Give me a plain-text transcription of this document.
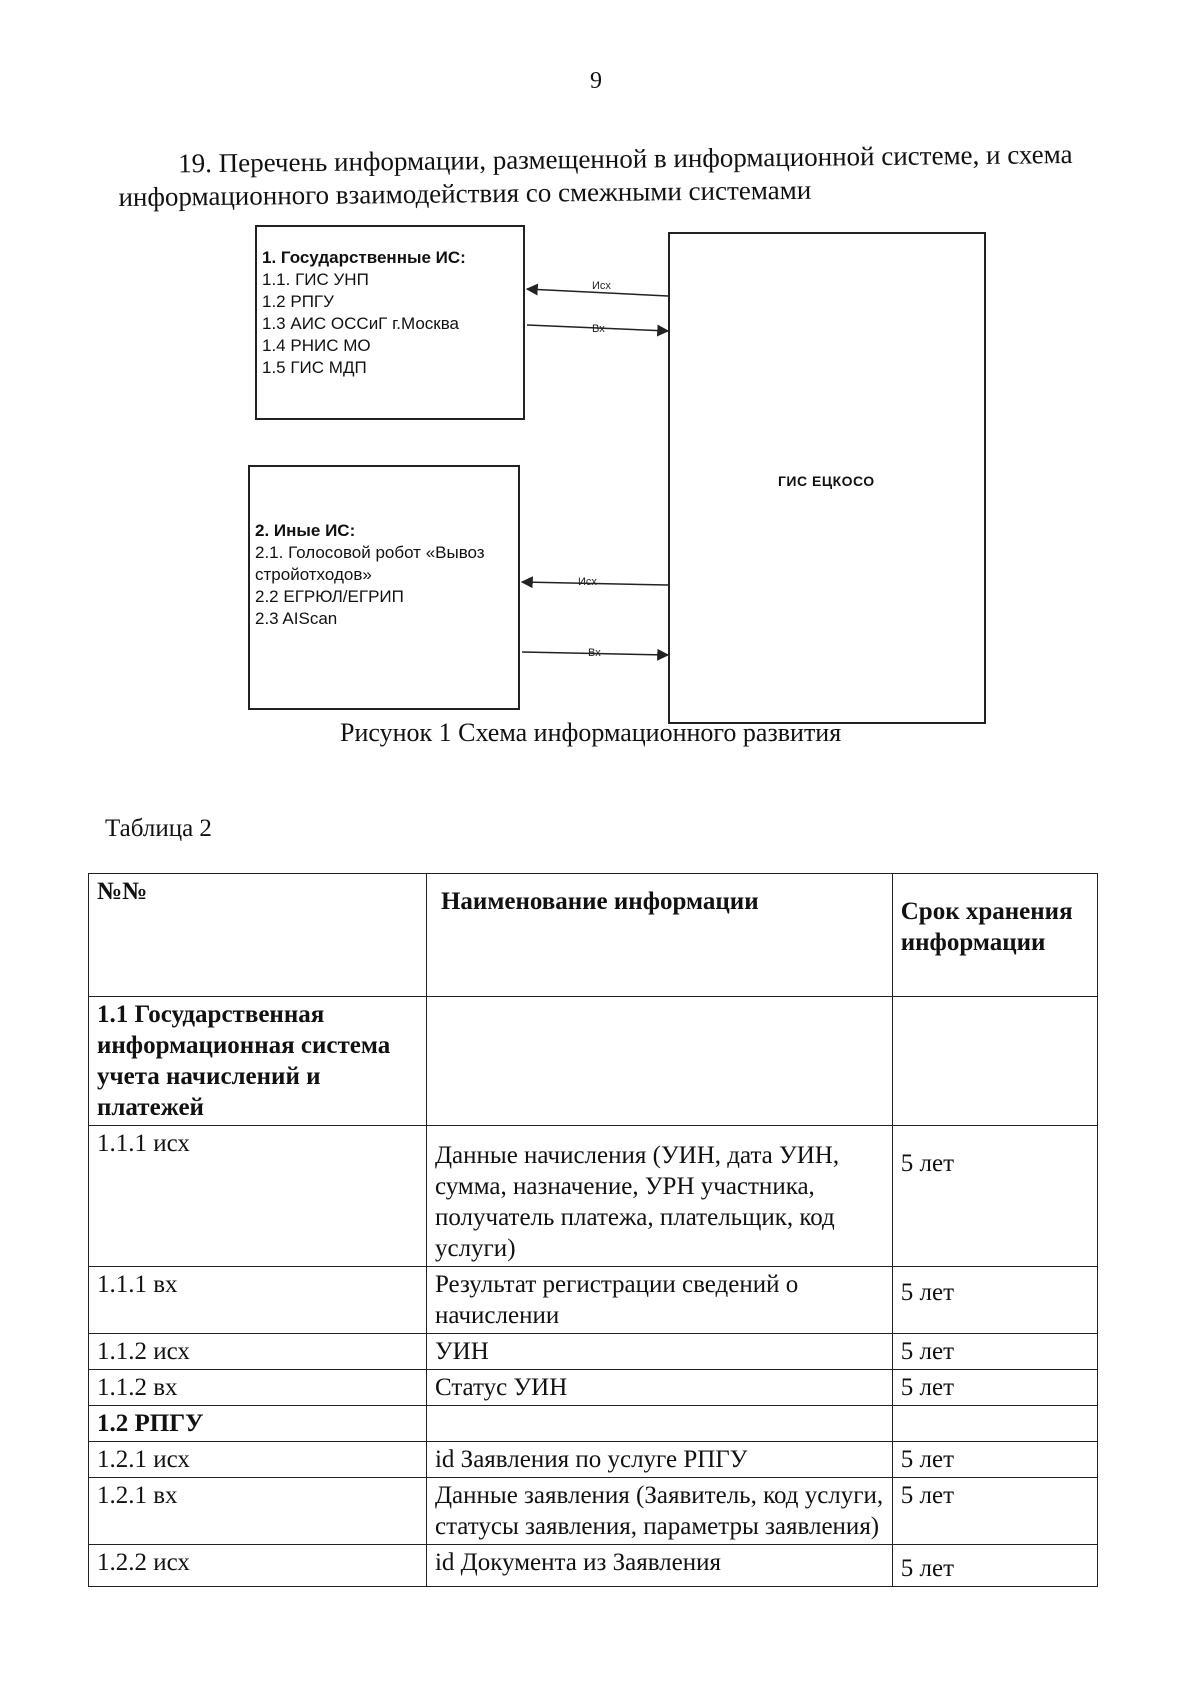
9
19. Перечень информации, размещенной в информационной системе, и схема
информационного взаимодействия со смежными системами
1. Государственные ИС:
1.1. ГИС УНП
1.2 РПГУ
1.3 АИС ОССиГ г.Москва
1.4 РНИС МО
1.5 ГИС МДП
2. Иные ИС:
2.1. Голосовой робот «Вывоз стройотходов»
2.2 ЕГРЮЛ/ЕГРИП
2.3 AIScan
ГИС ЕЦКОСО
Исх
Вх
Исх
Вх
Рисунок 1 Схема информационного развития
Таблица 2
№№	Наименование информации	Срок хранения информации
1.1 Государственная информационная система учета начислений и платежей		
1.1.1 исх	Данные начисления (УИН, дата УИН, сумма, назначение, УРН участника, получатель платежа, плательщик, код услуги)	5 лет
1.1.1 вх	Результат регистрации сведений о начислении	5 лет
1.1.2 исх	УИН	5 лет
1.1.2 вх	Статус УИН	5 лет
1.2 РПГУ		
1.2.1 исх	id Заявления по услуге РПГУ	5 лет
1.2.1 вх	Данные заявления (Заявитель, код услуги, статусы заявления, параметры заявления)	5 лет
1.2.2 исх	id Документа из Заявления	5 лет
